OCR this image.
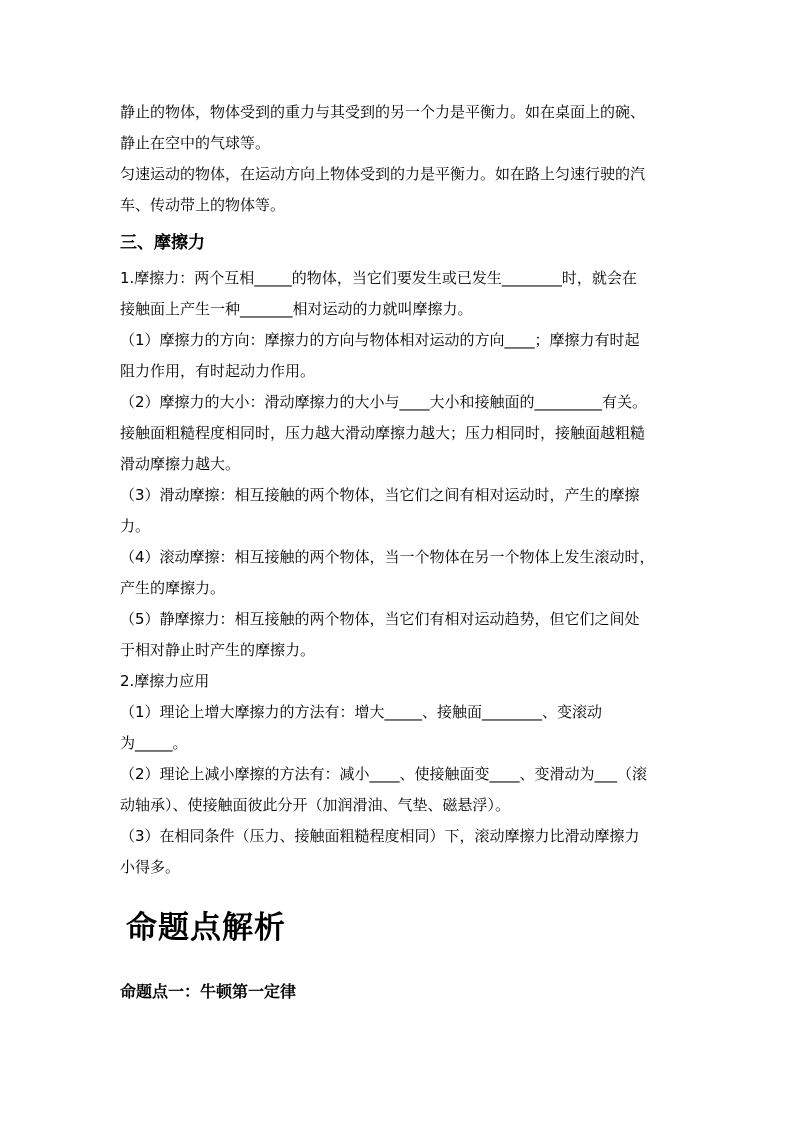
静止的物体，物体受到的重力与其受到的另一个力是平衡力。如在桌面上的碗、
静止在空中的气球等。

匀速运动的物体，在运动方向上物体受到的力是平衡力。如在路上匀速行驶的汽
车、传动带上的物体等。

三、摩擦力

1.摩擦力：两个互相_____的物体，当它们要发生或已发生________时，就会在
接触面上产生一种_______相对运动的力就叫摩擦力。

（1）摩擦力的方向：摩擦力的方向与物体相对运动的方向____；摩擦力有时起
阻力作用，有时起动力作用。

（2）摩擦力的大小：滑动摩擦力的大小与____大小和接触面的_________有关。
接触面粗糙程度相同时，压力越大滑动摩擦力越大；压力相同时，接触面越粗糙
滑动摩擦力越大。

（3）滑动摩擦：相互接触的两个物体，当它们之间有相对运动时，产生的摩擦
力。

（4）滚动摩擦：相互接触的两个物体，当一个物体在另一个物体上发生滚动时，
产生的摩擦力。

（5）静摩擦力：相互接触的两个物体，当它们有相对运动趋势，但它们之间处
于相对静止时产生的摩擦力。

2.摩擦力应用

（1）理论上增大摩擦力的方法有：增大_____、接触面________、变滚动
为_____。

（2）理论上减小摩擦的方法有：减小____、使接触面变____、变滑动为___（滚
动轴承）、使接触面彼此分开（加润滑油、气垫、磁悬浮）。

（3）在相同条件（压力、接触面粗糙程度相同）下，滚动摩擦力比滑动摩擦力
小得多。

命题点解析
命题点一：牛顿第一定律
